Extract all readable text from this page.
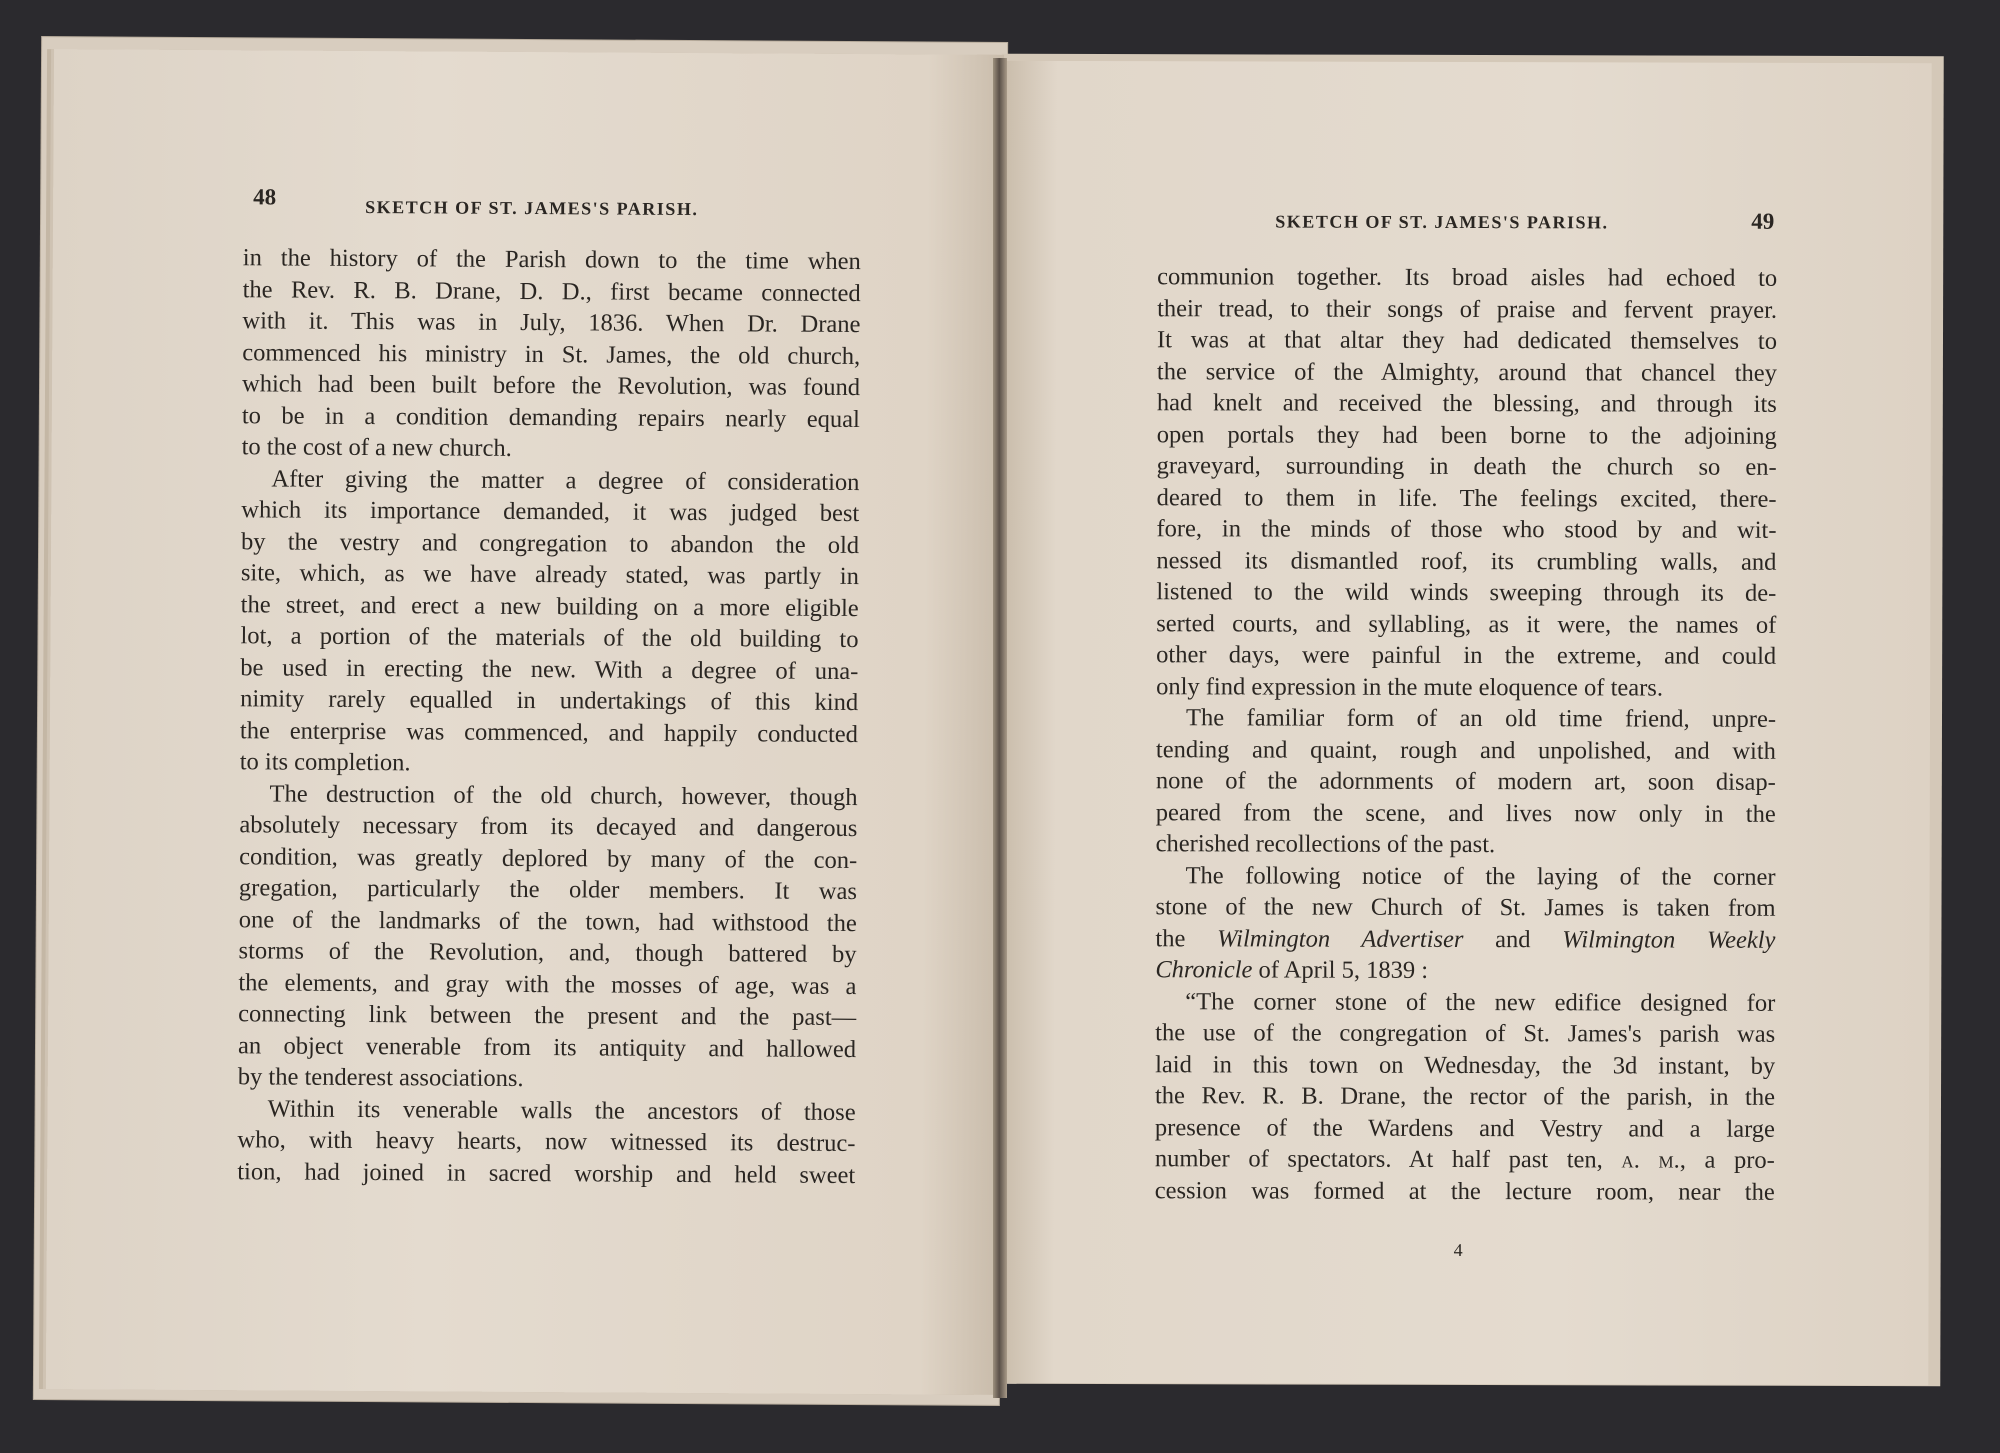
48	SKETCH OF ST. JAMES'S PARISH.
in the history of the Parish down to the time when
the Rev. R. B. Drane, D. D., first became connected
with it. This was in July, 1836. When Dr. Drane
commenced his ministry in St. James, the old church,
which had been built before the Revolution, was found
to be in a condition demanding repairs nearly equal
to the cost of a new church.
After giving the matter a degree of consideration
which its importance demanded, it was judged best
by the vestry and congregation to abandon the old
site, which, as we have already stated, was partly in
the street, and erect a new building on a more eligible
lot, a portion of the materials of the old building to
be used in erecting the new. With a degree of una-
nimity rarely equalled in undertakings of this kind
the enterprise was commenced, and happily conducted
to its completion.
The destruction of the old church, however, though
absolutely necessary from its decayed and dangerous
condition, was greatly deplored by many of the con-
gregation, particularly the older members. It was
one of the landmarks of the town, had withstood the
storms of the Revolution, and, though battered by
the elements, and gray with the mosses of age, was a
connecting link between the present and the past—
an object venerable from its antiquity and hallowed
by the tenderest associations.
Within its venerable walls the ancestors of those
who, with heavy hearts, now witnessed its destruc-
tion, had joined in sacred worship and held sweet
SKETCH OF ST. JAMES'S PARISH.	49
communion together. Its broad aisles had echoed to
their tread, to their songs of praise and fervent prayer.
It was at that altar they had dedicated themselves to
the service of the Almighty, around that chancel they
had knelt and received the blessing, and through its
open portals they had been borne to the adjoining
graveyard, surrounding in death the church so en-
deared to them in life. The feelings excited, there-
fore, in the minds of those who stood by and wit-
nessed its dismantled roof, its crumbling walls, and
listened to the wild winds sweeping through its de-
serted courts, and syllabling, as it were, the names of
other days, were painful in the extreme, and could
only find expression in the mute eloquence of tears.
The familiar form of an old time friend, unpre-
tending and quaint, rough and unpolished, and with
none of the adornments of modern art, soon disap-
peared from the scene, and lives now only in the
cherished recollections of the past.
The following notice of the laying of the corner
stone of the new Church of St. James is taken from
the Wilmington Advertiser and Wilmington Weekly
Chronicle of April 5, 1839 :
“The corner stone of the new edifice designed for
the use of the congregation of St. James's parish was
laid in this town on Wednesday, the 3d instant, by
the Rev. R. B. Drane, the rector of the parish, in the
presence of the Wardens and Vestry and a large
number of spectators. At half past ten, a. m., a pro-
cession was formed at the lecture room, near the
4
